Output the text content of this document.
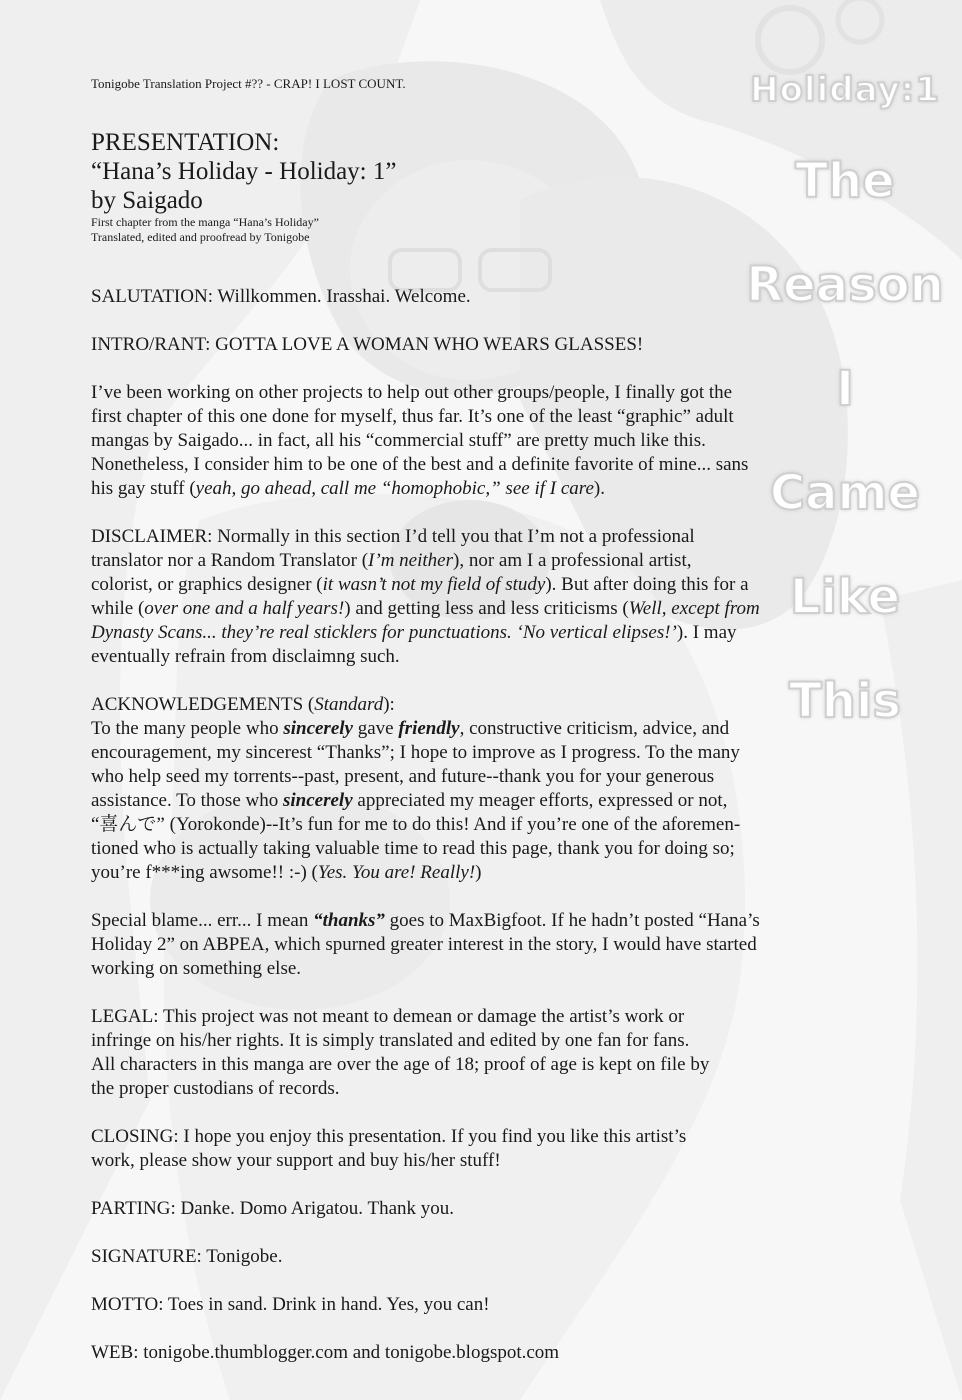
Holiday:1
The
Reason
I
Came
Like
This
Tonigobe Translation Project #?? - CRAP! I LOST COUNT.
PRESENTATION:
“Hana’s Holiday - Holiday: 1”
by Saigado
First chapter from the manga “Hana’s Holiday”
Translated, edited and proofread by Tonigobe

SALUTATION: Willkommen. Irasshai. Welcome.

INTRO/RANT: GOTTA LOVE A WOMAN WHO WEARS GLASSES!

I’ve been working on other projects to help out other groups/people, I finally got the
first chapter of this one done for myself, thus far. It’s one of the least “graphic” adult
mangas by Saigado... in fact, all his “commercial stuff” are pretty much like this.
Nonetheless, I consider him to be one of the best and a definite favorite of mine... sans
his gay stuff (yeah, go ahead, call me “homophobic,” see if I care).

DISCLAIMER: Normally in this section I’d tell you that I’m not a professional
translator nor a Random Translator (I’m neither), nor am I a professional artist,
colorist, or graphics designer (it wasn’t not my field of study). But after doing this for a
while (over one and a half years!) and getting less and less criticisms (Well, except from
Dynasty Scans... they’re real sticklers for punctuations. ‘No vertical elipses!’). I may
eventually refrain from disclaimng such.

ACKNOWLEDGEMENTS (Standard):
To the many people who sincerely gave friendly, constructive criticism, advice, and
encouragement, my sincerest “Thanks”; I hope to improve as I progress. To the many
who help seed my torrents--past, present, and future--thank you for your generous
assistance. To those who sincerely appreciated my meager efforts, expressed or not,
“喜んで” (Yorokonde)--It’s fun for me to do this! And if you’re one of the aforemen-
tioned who is actually taking valuable time to read this page, thank you for doing so;
you’re f***ing awsome!! :-) (Yes. You are! Really!)

Special blame... err... I mean “thanks” goes to MaxBigfoot. If he hadn’t posted “Hana’s
Holiday 2” on ABPEA, which spurned greater interest in the story, I would have started
working on something else.

LEGAL: This project was not meant to demean or damage the artist’s work or
infringe on his/her rights. It is simply translated and edited by one fan for fans.
All characters in this manga are over the age of 18; proof of age is kept on file by
the proper custodians of records.

CLOSING: I hope you enjoy this presentation. If you find you like this artist’s
work, please show your support and buy his/her stuff!

PARTING: Danke. Domo Arigatou. Thank you.

SIGNATURE: Tonigobe.

MOTTO: Toes in sand. Drink in hand. Yes, you can!

WEB: tonigobe.thumblogger.com and tonigobe.blogspot.com
